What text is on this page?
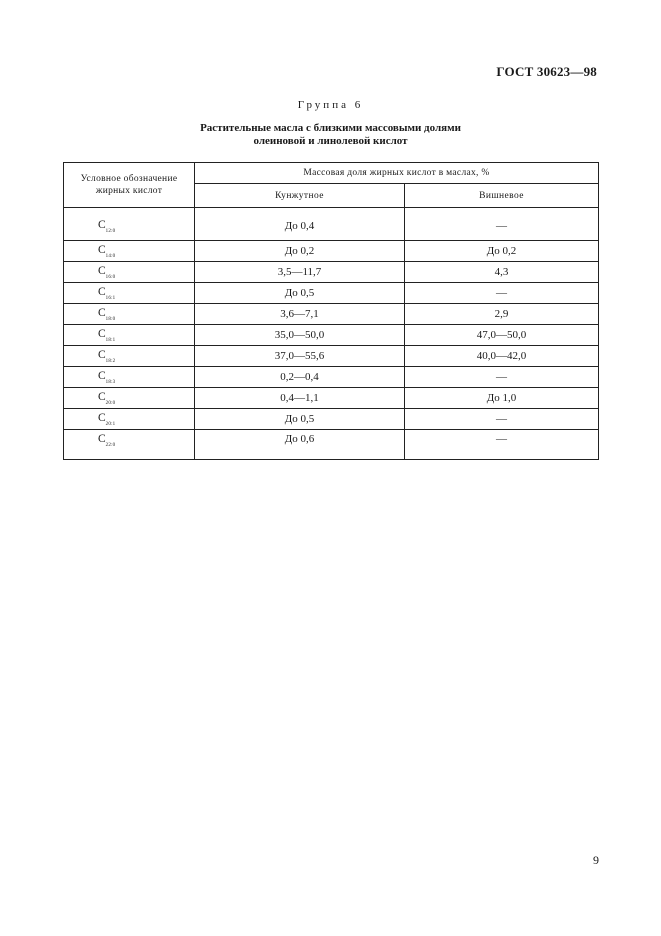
ГОСТ 30623—98
Группа 6
Растительные масла с близкими массовыми долями
олеиновой и линолевой кислот
Условное обозначение
жирных кислот	Массовая доля жирных кислот в маслах, %	
	Кунжутное	Вишневое
$C_{12:0}$	До 0,4	—
$C_{14:0}$	До 0,2	До 0,2
$C_{16:0}$	3,5—11,7	4,3
$C_{16:1}$	До 0,5	—
$C_{18:0}$	3,6—7,1	2,9
$C_{18:1}$	35,0—50,0	47,0—50,0
$C_{18:2}$	37,0—55,6	40,0—42,0
$C_{18:3}$	0,2—0,4	—
$C_{20:0}$	0,4—1,1	До 1,0
$C_{20:1}$	До 0,5	—
$C_{22:0}$	До 0,6	—
9
